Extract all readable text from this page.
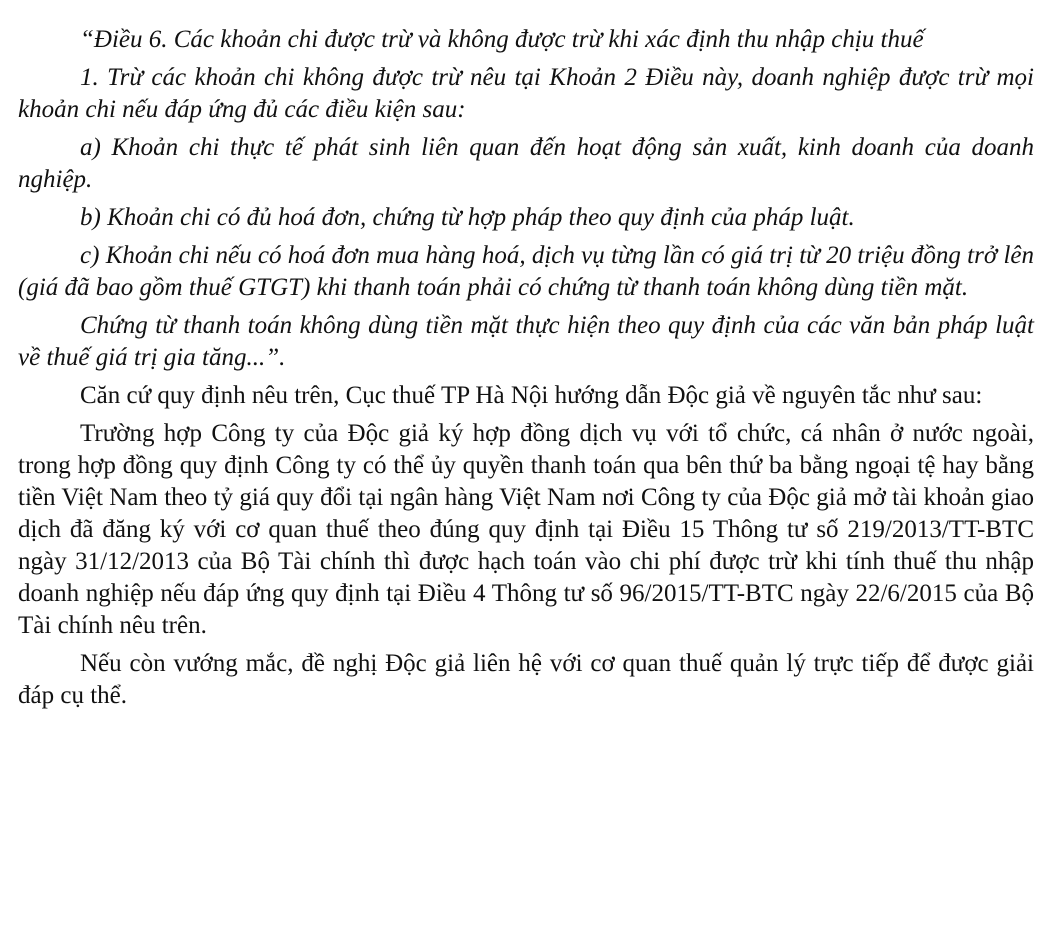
“Điều 6. Các khoản chi được trừ và không được trừ khi xác định thu nhập chịu thuế

1. Trừ các khoản chi không được trừ nêu tại Khoản 2 Điều này, doanh nghiệp được trừ mọi khoản chi nếu đáp ứng đủ các điều kiện sau:

a) Khoản chi thực tế phát sinh liên quan đến hoạt động sản xuất, kinh doanh của doanh nghiệp.

b) Khoản chi có đủ hoá đơn, chứng từ hợp pháp theo quy định của pháp luật.

c) Khoản chi nếu có hoá đơn mua hàng hoá, dịch vụ từng lần có giá trị từ 20 triệu đồng trở lên (giá đã bao gồm thuế GTGT) khi thanh toán phải có chứng từ thanh toán không dùng tiền mặt.

Chứng từ thanh toán không dùng tiền mặt thực hiện theo quy định của các văn bản pháp luật về thuế giá trị gia tăng...”.

Căn cứ quy định nêu trên, Cục thuế TP Hà Nội hướng dẫn Độc giả về nguyên tắc như sau:

Trường hợp Công ty của Độc giả ký hợp đồng dịch vụ với tổ chức, cá nhân ở nước ngoài, trong hợp đồng quy định Công ty có thể ủy quyền thanh toán qua bên thứ ba bằng ngoại tệ hay bằng tiền Việt Nam theo tỷ giá quy đổi tại ngân hàng Việt Nam nơi Công ty của Độc giả mở tài khoản giao dịch đã đăng ký với cơ quan thuế theo đúng quy định tại Điều 15 Thông tư số 219/2013/TT-BTC ngày 31/12/2013 của Bộ Tài chính thì được hạch toán vào chi phí được trừ khi tính thuế thu nhập doanh nghiệp nếu đáp ứng quy định tại Điều 4 Thông tư số 96/2015/TT-BTC ngày 22/6/2015 của Bộ Tài chính nêu trên.

Nếu còn vướng mắc, đề nghị Độc giả liên hệ với cơ quan thuế quản lý trực tiếp để được giải đáp cụ thể.
